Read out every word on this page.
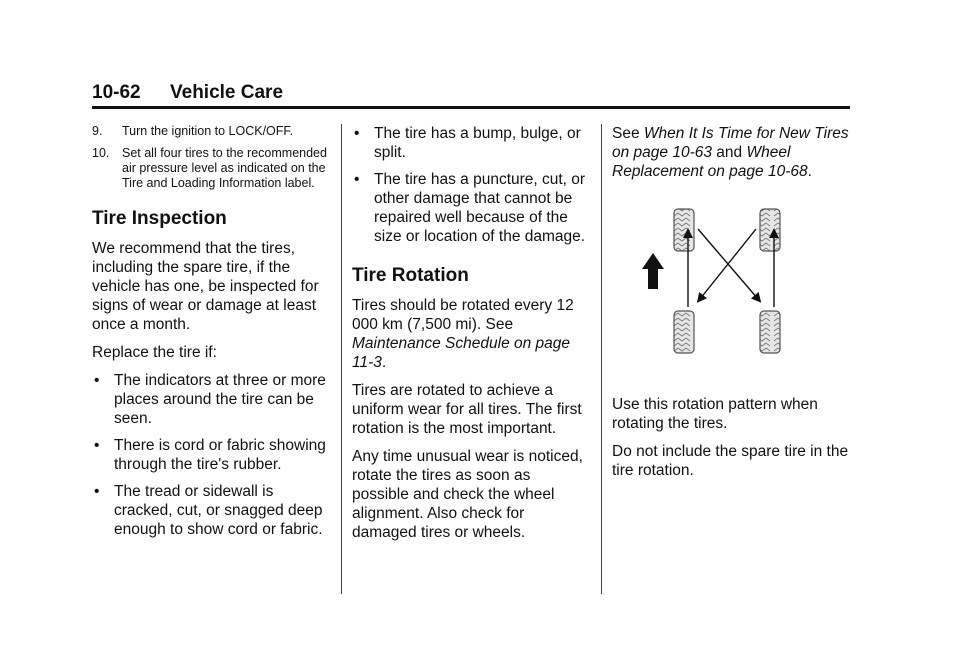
10-62 Vehicle Care
9. Turn the ignition to LOCK/OFF.
10. Set all four tires to the recommended air pressure level as indicated on the Tire and Loading Information label.
Tire Inspection

We recommend that the tires, including the spare tire, if the vehicle has one, be inspected for signs of wear or damage at least once a month.

Replace the tire if:

• The indicators at three or more places around the tire can be seen.
• There is cord or fabric showing through the tire's rubber.
• The tread or sidewall is cracked, cut, or snagged deep enough to show cord or fabric.
• The tire has a bump, bulge, or split.
• The tire has a puncture, cut, or other damage that cannot be repaired well because of the size or location of the damage.
Tire Rotation

Tires should be rotated every 12 000 km (7,500 mi). See Maintenance Schedule on page 11-3.

Tires are rotated to achieve a uniform wear for all tires. The first rotation is the most important.

Any time unusual wear is noticed, rotate the tires as soon as possible and check the wheel alignment. Also check for damaged tires or wheels.

See When It Is Time for New Tires on page 10-63 and Wheel Replacement on page 10-68.

Use this rotation pattern when rotating the tires.

Do not include the spare tire in the tire rotation.
